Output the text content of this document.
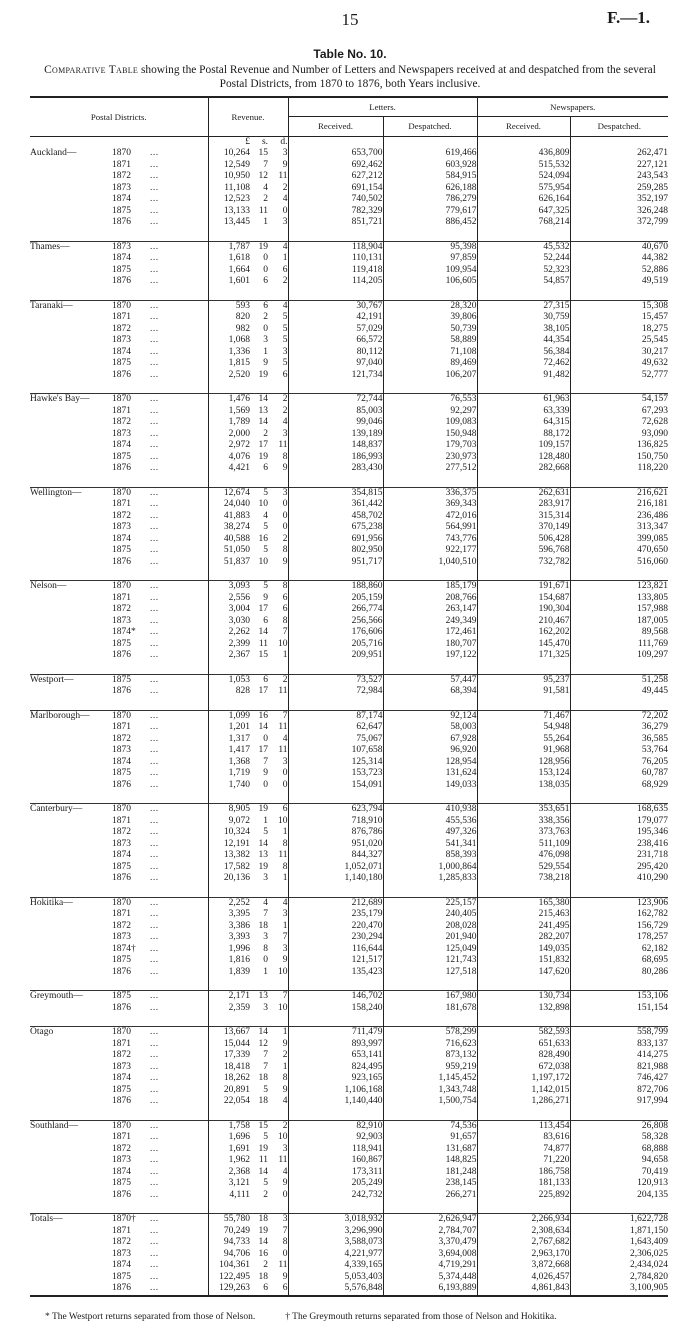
15	F.—1.
Table No. 10.
Comparative Table showing the Postal Revenue and Number of Letters and Newspapers received at and despatched from the several Postal Districts, from 1870 to 1876, both Years inclusive.
Postal Districts.			Revenue.			Letters.		Newspapers.	
						Received.	Despatched.	Received.	Despatched.
			£	s.	d.				
Auckland—	1870	...	10,264	15	3	653,700	619,466	436,809	262,471
	1871	...	12,549	7	9	692,462	603,928	515,532	227,121
	1872	...	10,950	12	11	627,212	584,915	524,094	243,543
	1873	...	11,108	4	2	691,154	626,188	575,954	259,285
	1874	...	12,523	2	4	740,502	786,279	626,164	352,197
	1875	...	13,133	11	0	782,329	779,617	647,325	326,248
	1876	...	13,445	1	3	851,721	886,452	768,214	372,799

Thames—	1873	...	1,787	19	4	118,904	95,398	45,532	40,670
	1874	...	1,618	0	1	110,131	97,859	52,244	44,382
	1875	...	1,664	0	6	119,418	109,954	52,323	52,886
	1876	...	1,601	6	2	114,205	106,605	54,857	49,519

Taranaki—	1870	...	593	6	4	30,767	28,320	27,315	15,308
	1871	...	820	2	5	42,191	39,806	30,759	15,457
	1872	...	982	0	5	57,029	50,739	38,105	18,275
	1873	...	1,068	3	5	66,572	58,889	44,354	25,545
	1874	...	1,336	1	3	80,112	71,108	56,384	30,217
	1875	...	1,815	9	5	97,040	89,469	72,462	49,632
	1876	...	2,520	19	6	121,734	106,207	91,482	52,777

Hawke's Bay—	1870	...	1,476	14	2	72,744	76,553	61,963	54,157
	1871	...	1,569	13	2	85,003	92,297	63,339	67,293
	1872	...	1,789	14	4	99,046	109,083	64,315	72,628
	1873	...	2,000	2	3	139,189	150,948	88,172	93,090
	1874	...	2,972	17	11	148,837	179,703	109,157	136,825
	1875	...	4,076	19	8	186,993	230,973	128,480	150,750
	1876	...	4,421	6	9	283,430	277,512	282,668	118,220

Wellington—	1870	...	12,674	5	3	354,815	336,375	262,631	216,621
	1871	...	24,040	10	0	361,442	369,343	283,917	216,181
	1872	...	41,883	4	0	458,702	472,016	315,314	236,486
	1873	...	38,274	5	0	675,238	564,991	370,149	313,347
	1874	...	40,588	16	2	691,956	743,776	506,428	399,085
	1875	...	51,050	5	8	802,950	922,177	596,768	470,650
	1876	...	51,837	10	9	951,717	1,040,510	732,782	516,060

Nelson—	1870	...	3,093	5	8	188,860	185,179	191,671	123,821
	1871	...	2,556	9	6	205,159	208,766	154,687	133,805
	1872	...	3,004	17	6	266,774	263,147	190,304	157,988
	1873	...	3,030	6	8	256,566	249,349	210,467	187,005
	1874*	...	2,262	14	7	176,606	172,461	162,202	89,568
	1875	...	2,399	11	10	205,716	180,707	145,470	111,769
	1876	...	2,367	15	1	209,951	197,122	171,325	109,297

Westport—	1875	...	1,053	6	2	73,527	57,447	95,237	51,258
	1876	...	828	17	11	72,984	68,394	91,581	49,445

Marlborough—	1870	...	1,099	16	7	87,174	92,124	71,467	72,202
	1871	...	1,201	14	11	62,647	58,003	54,948	36,279
	1872	...	1,317	0	4	75,067	67,928	55,264	36,585
	1873	...	1,417	17	11	107,658	96,920	91,968	53,764
	1874	...	1,368	7	3	125,314	128,954	128,956	76,205
	1875	...	1,719	9	0	153,723	131,624	153,124	60,787
	1876	...	1,740	0	0	154,091	149,033	138,035	68,929

Canterbury—	1870	...	8,905	19	6	623,794	410,938	353,651	168,635
	1871	...	9,072	1	10	718,910	455,536	338,356	179,077
	1872	...	10,324	5	1	876,786	497,326	373,763	195,346
	1873	...	12,191	14	8	951,020	541,341	511,109	238,416
	1874	...	13,382	13	11	844,327	858,393	476,098	231,718
	1875	...	17,582	19	8	1,052,071	1,000,864	529,554	295,420
	1876	...	20,136	3	1	1,140,180	1,285,833	738,218	410,290

Hokitika—	1870	...	2,252	4	4	212,689	225,157	165,380	123,906
	1871	...	3,395	7	3	235,179	240,405	215,463	162,782
	1872	...	3,386	18	1	220,470	208,028	241,495	156,729
	1873	...	3,393	3	7	230,294	201,940	282,207	178,257
	1874†	...	1,996	8	3	116,644	125,049	149,035	62,182
	1875	...	1,816	0	9	121,517	121,743	151,832	68,695
	1876	...	1,839	1	10	135,423	127,518	147,620	80,286

Greymouth—	1875	...	2,171	13	7	146,702	167,980	130,734	153,106
	1876	...	2,359	3	10	158,240	181,678	132,898	151,154

Otago	1870	...	13,667	14	1	711,479	578,299	582,593	558,799
	1871	...	15,044	12	9	893,997	716,623	651,633	833,137
	1872	...	17,339	7	2	653,141	873,132	828,490	414,275
	1873	...	18,418	7	1	824,495	959,219	672,038	821,988
	1874	...	18,262	18	8	923,165	1,145,452	1,197,172	746,427
	1875	...	20,891	5	9	1,106,168	1,343,748	1,142,015	872,706
	1876	...	22,054	18	4	1,140,440	1,500,754	1,286,271	917,994

Southland—	1870	...	1,758	15	2	82,910	74,536	113,454	26,808
	1871	...	1,696	5	10	92,903	91,657	83,616	58,328
	1872	...	1,691	19	3	118,941	131,687	74,877	68,888
	1873	...	1,962	11	11	160,867	148,825	71,220	94,658
	1874	...	2,368	14	4	173,311	181,248	186,758	70,419
	1875	...	3,121	5	9	205,249	238,145	181,133	120,913
	1876	...	4,111	2	0	242,732	266,271	225,892	204,135

Totals—	1870†	...	55,780	18	3	3,018,932	2,626,947	2,266,934	1,622,728
	1871	...	70,249	19	7	3,296,990	2,784,707	2,308,634	1,871,150
	1872	...	94,733	14	8	3,588,073	3,370,479	2,767,682	1,643,409
	1873	...	94,706	16	0	4,221,977	3,694,008	2,963,170	2,306,025
	1874	...	104,361	2	11	4,339,165	4,719,291	3,872,668	2,434,024
	1875	...	122,495	18	9	5,053,403	5,374,448	4,026,457	2,784,820
	1876	...	129,263	6	6	5,576,848	6,193,889	4,861,843	3,100,905
* The Westport returns separated from those of Nelson.	† The Greymouth returns separated from those of Nelson and Hokitika.
